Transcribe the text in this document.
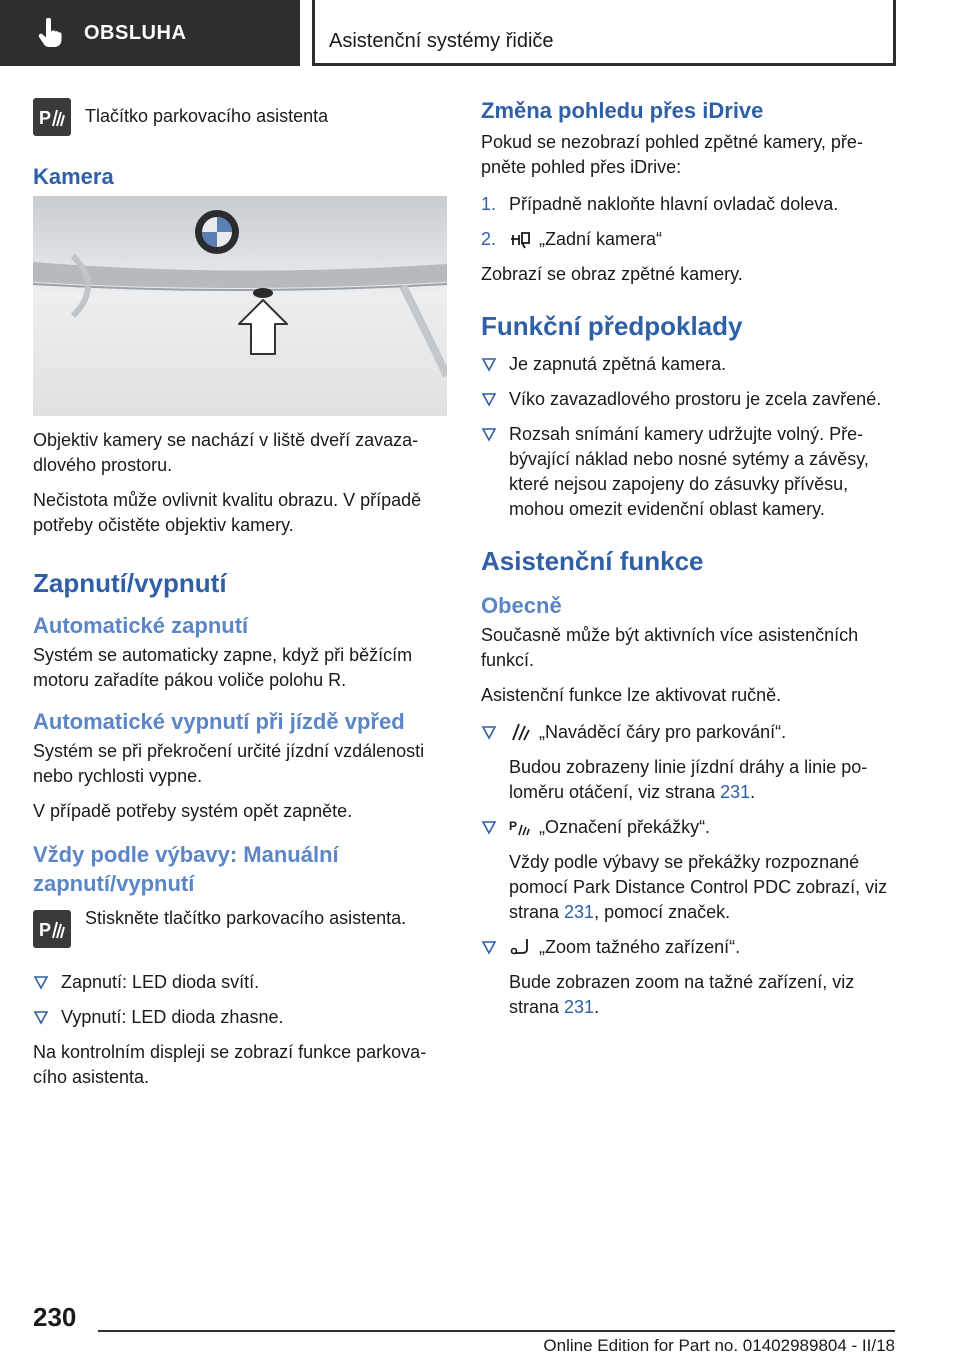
OBSLUHA	Asistenční systémy řidiče
P Tlačítko parkovacího asistenta

Kamera

Objektiv kamery se nachází v liště dveří zavazadlového prostoru.

Nečistota může ovlivnit kvalitu obrazu. V případě potřeby očistěte objektiv kamery.

Zapnutí/vypnutí
Automatické zapnutí

Systém se automaticky zapne, když při běžícím motoru zařadíte pákou voliče polohu R.

Automatické vypnutí při jízdě vpřed

Systém se při překročení určité jízdní vzdálenosti nebo rychlosti vypne.

V případě potřeby systém opět zapněte.

Vždy podle výbavy: Manuální zapnutí/vypnutí
P

Stiskněte tlačítko parkovacího asistenta.

Zapnutí: LED dioda svítí.
Vypnutí: LED dioda zhasne.

Na kontrolním displeji se zobrazí funkce parkovacího asistenta.

Změna pohledu přes iDrive

Pokud se nezobrazí pohled zpětné kamery, přepněte pohled přes iDrive:

1. Případně nakloňte hlavní ovladač doleva.
2. „Zadní kamera“

Zobrazí se obraz zpětné kamery.

Funkční předpoklady
Je zapnutá zpětná kamera.
Víko zavazadlového prostoru je zcela zavřené.
Rozsah snímání kamery udržujte volný. Přebývající náklad nebo nosné sytémy a závěsy, které nejsou zapojeny do zásuvky přívěsu, mohou omezit evidenční oblast kamery.
Asistenční funkce
Obecně

Současně může být aktivních více asistenčních funkcí.

Asistenční funkce lze aktivovat ručně.

„Naváděcí čáry pro parkování“.
Budou zobrazeny linie jízdní dráhy a linie poloměru otáčení, viz strana 231.
P „Označení překážky“.
Vždy podle výbavy se překážky rozpoznané pomocí Park Distance Control PDC zobrazí, viz strana 231, pomocí značek.
„Zoom tažného zařízení“.
Bude zobrazen zoom na tažné zařízení, viz strana 231.
230
Online Edition for Part no. 01402989804 - II/18
